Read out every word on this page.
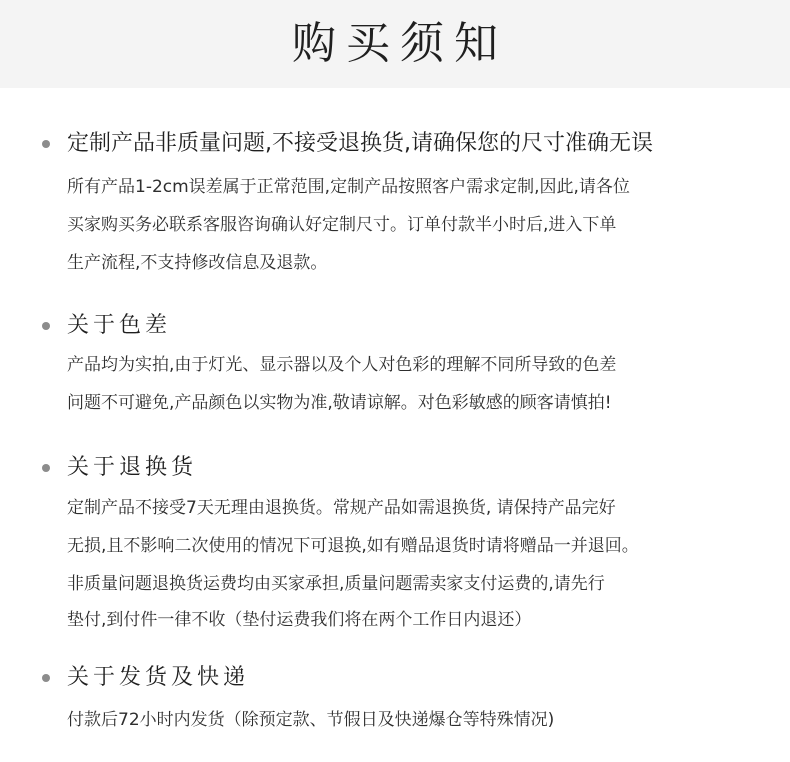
购买须知
定制产品非质量问题,不接受退换货,请确保您的尺寸准确无误
所有产品1-2cm误差属于正常范围,定制产品按照客户需求定制,因此,请各位
买家购买务必联系客服咨询确认好定制尺寸。订单付款半小时后,进入下单
生产流程,不支持修改信息及退款。
关于色差
产品均为实拍,由于灯光、显示器以及个人对色彩的理解不同所导致的色差
问题不可避免,产品颜色以实物为准,敬请谅解。对色彩敏感的顾客请慎拍!
关于退换货
定制产品不接受7天无理由退换货。常规产品如需退换货, 请保持产品完好
无损,且不影响二次使用的情况下可退换,如有赠品退货时请将赠品一并退回。
非质量问题退换货运费均由买家承担,质量问题需卖家支付运费的,请先行
垫付,到付件一律不收（垫付运费我们将在两个工作日内退还）
关于发货及快递
付款后72小时内发货（除预定款、节假日及快递爆仓等特殊情况)
